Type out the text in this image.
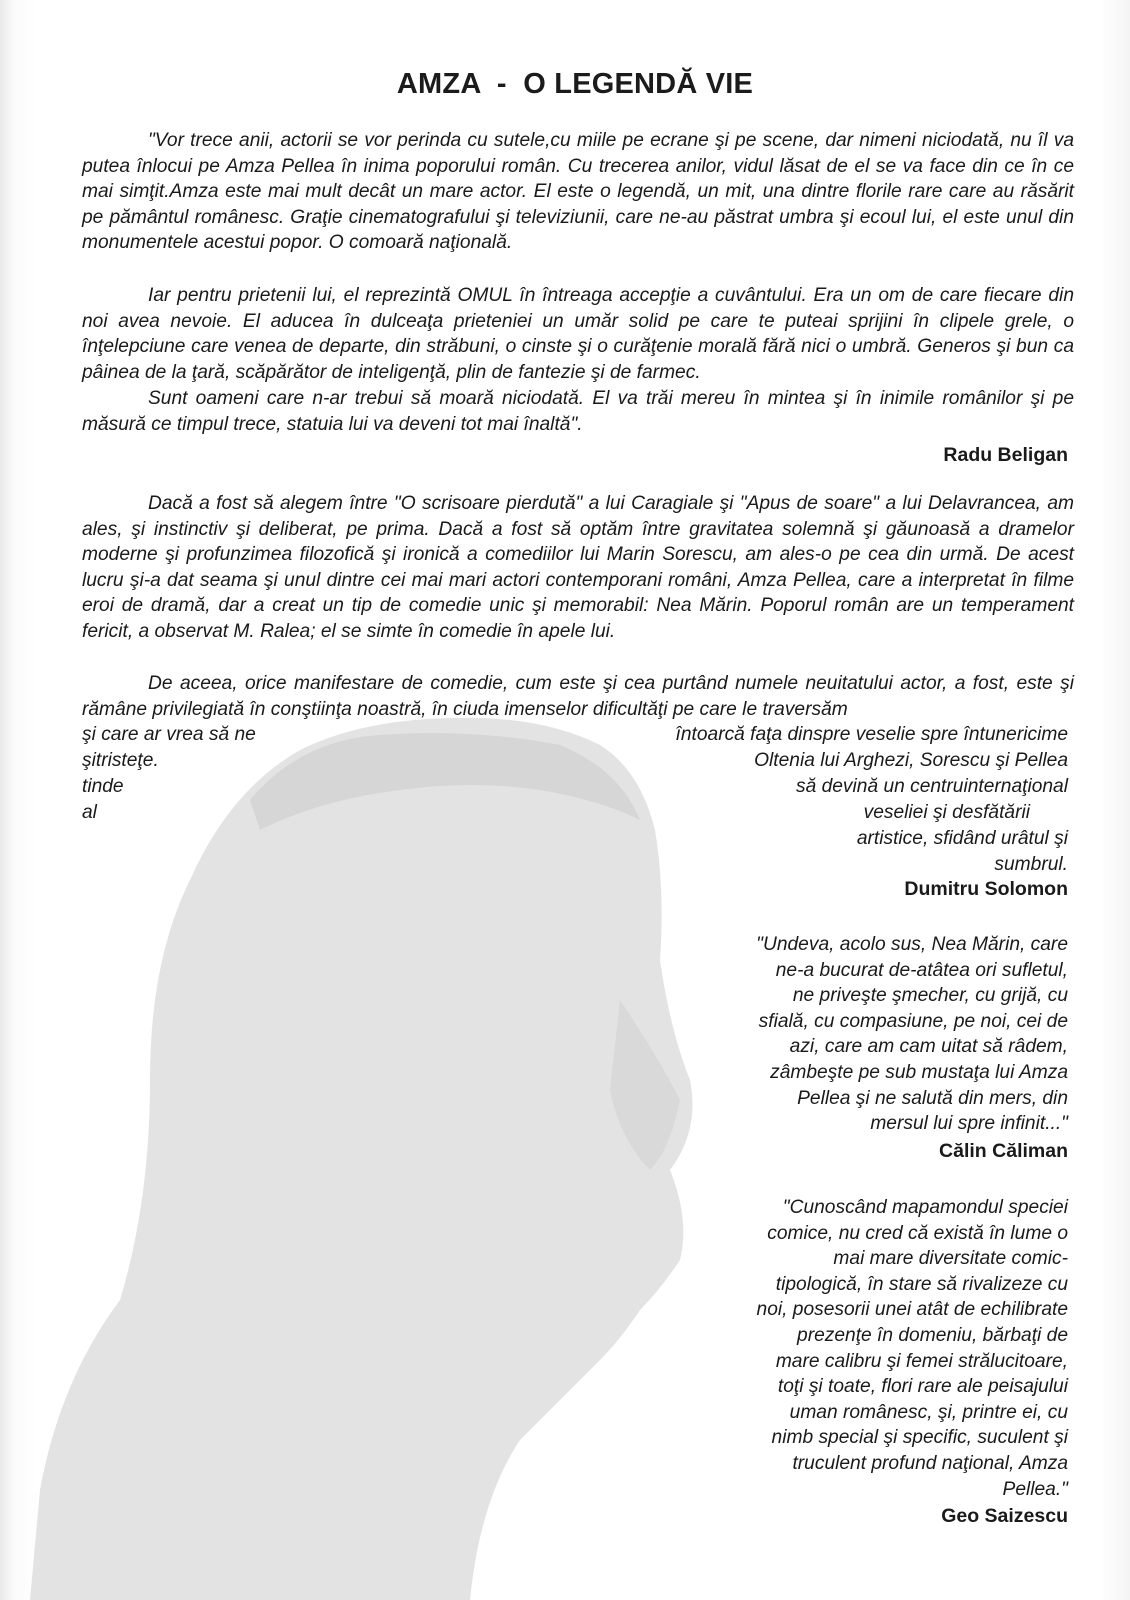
AMZA  -  O LEGENDĂ VIE

"Vor trece anii, actorii se vor perinda cu sutele,cu miile pe ecrane şi pe scene, dar nimeni niciodată, nu îl va putea înlocui pe Amza Pellea în inima poporului român. Cu trecerea anilor, vidul lăsat de el se va face din ce în ce mai simţit.Amza este mai mult decât un mare actor. El este o legendă, un mit, una dintre florile rare care au răsărit pe pământul românesc. Graţie cinematografului şi televiziunii, care ne-au păstrat umbra şi ecoul lui, el este unul din monumentele acestui popor. O comoară naţională.

Iar pentru prietenii lui, el reprezintă OMUL în întreaga accepţie a cuvântului. Era un om de care fiecare din noi avea nevoie. El aducea în dulceaţa prieteniei un umăr solid pe care te puteai sprijini în clipele grele, o înţelepciune care venea de departe, din străbuni, o cinste şi o curăţenie morală fără nici o umbră. Generos şi bun ca pâinea de la ţară, scăpărător de inteligenţă, plin de fantezie şi de farmec.

Sunt oameni care n-ar trebui să moară niciodată. El va trăi mereu în mintea şi în inimile românilor şi pe măsură ce timpul trece, statuia lui va deveni tot mai înaltă".

Radu Beligan

Dacă a fost să alegem între "O scrisoare pierdută" a lui Caragiale şi "Apus de soare" a lui Delavrancea, am ales, şi instinctiv şi deliberat, pe prima. Dacă a fost să optăm între gravitatea solemnă şi găunoasă a dramelor moderne şi profunzimea filozofică şi ironică a comediilor lui Marin Sorescu, am ales-o pe cea din urmă. De acest lucru şi-a dat seama şi unul dintre cei mai mari actori contemporani români, Amza Pellea, care a interpretat în filme eroi de dramă, dar a creat un tip de comedie unic şi memorabil: Nea Mărin. Poporul român are un temperament fericit, a observat M. Ralea; el se simte în comedie în apele lui.

De aceea, orice manifestare de comedie, cum este şi cea purtând numele neuitatului actor, a fost, este şi rămâne privilegiată în conştiinţa noastră, în ciuda imenselor dificultăţi pe care le traversăm

şi care ar vrea să ne
şitristeţe.
tinde
al
întoarcă faţa dinspre veselie spre întunericime
Oltenia lui Arghezi, Sorescu şi Pellea
să devină un centruinternaţional
veseliei şi desfătării
artistice, sfidând urâtul şi
sumbrul.
Dumitru Solomon
"Undeva, acolo sus, Nea Mărin, care
ne-a bucurat de-atâtea ori sufletul,
ne priveşte şmecher, cu grijă, cu
sfială, cu compasiune, pe noi, cei de
azi, care am cam uitat să râdem,
zâmbeşte pe sub mustaţa lui Amza
Pellea şi ne salută din mers, din
mersul lui spre infinit..."
Călin Căliman
"Cunoscând mapamondul speciei
comice, nu cred că există în lume o
mai mare diversitate comic-
tipologică, în stare să rivalizeze cu
noi, posesorii unei atât de echilibrate
prezenţe în domeniu, bărbaţi de
mare calibru şi femei strălucitoare,
toţi şi toate, flori rare ale peisajului
uman românesc, şi, printre ei, cu
nimb special şi specific, suculent şi
truculent profund naţional, Amza
Pellea."
Geo Saizescu
